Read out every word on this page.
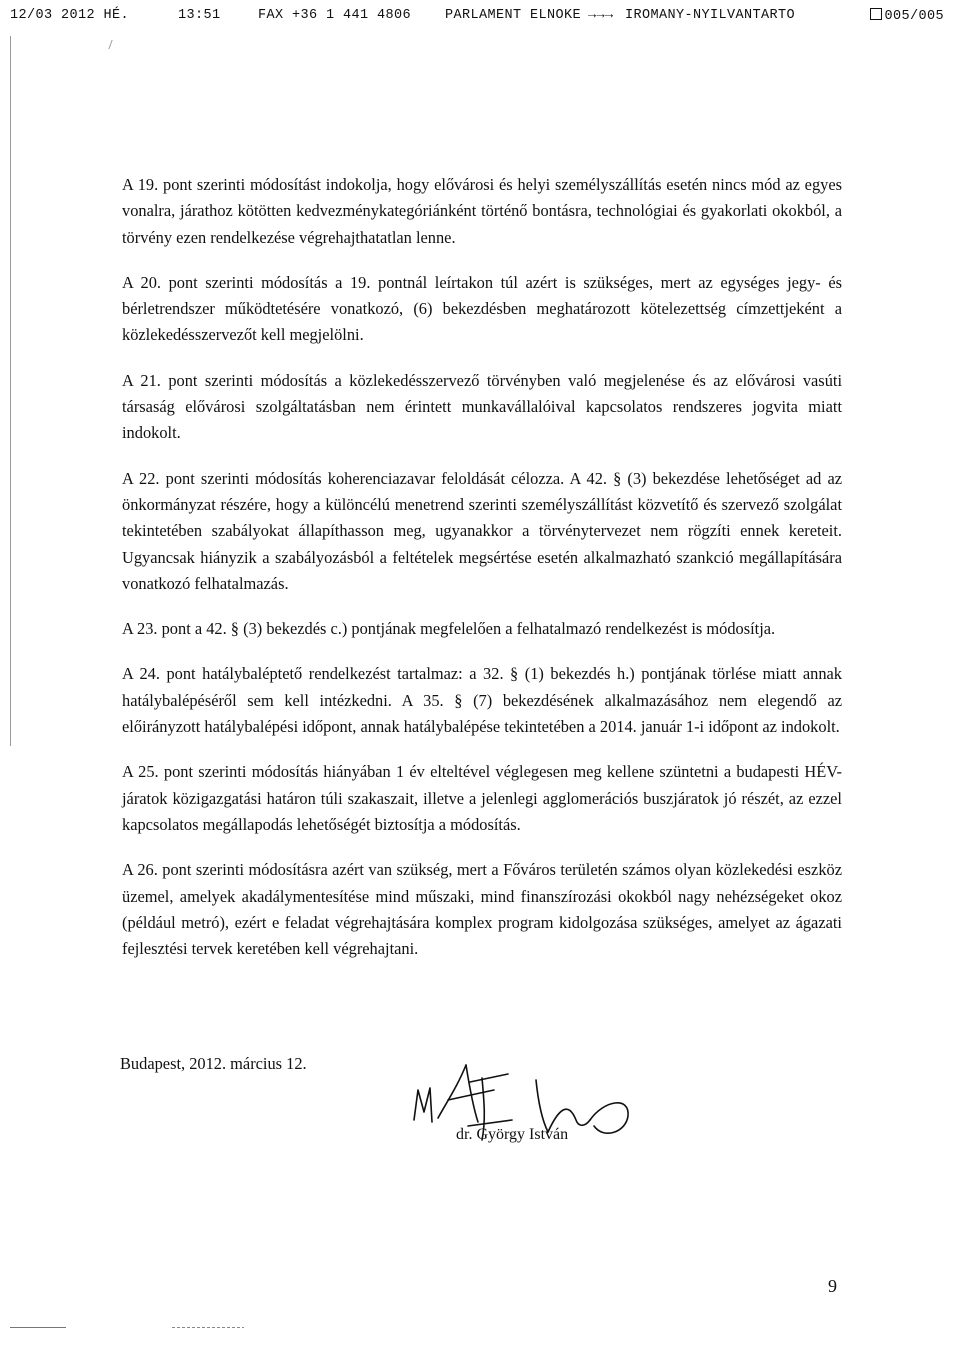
12/03 2012 HÉ.	13:51	FAX +36 1 441 4806	PARLAMENT ELNOKE →→→ IROMANY-NYILVANTARTO	005/005

A 19. pont szerinti módosítást indokolja, hogy elővárosi és helyi személyszállítás esetén nincs mód az egyes vonalra, járathoz kötötten kedvezménykategóriánként történő bontásra, technológiai és gyakorlati okokból, a törvény ezen rendelkezése végrehajthatatlan lenne.

A 20. pont szerinti módosítás a 19. pontnál leírtakon túl azért is szükséges, mert az egységes jegy- és bérletrendszer működtetésére vonatkozó, (6) bekezdésben meghatározott kötelezettség címzettjeként a közlekedésszervezőt kell megjelölni.

A 21. pont szerinti módosítás a közlekedésszervező törvényben való megjelenése és az elővárosi vasúti társaság elővárosi szolgáltatásban nem érintett munkavállalóival kapcsolatos rendszeres jogvita miatt indokolt.

A 22. pont szerinti módosítás koherenciazavar feloldását célozza. A 42. § (3) bekezdése lehetőséget ad az önkormányzat részére, hogy a különcélú menetrend szerinti személyszállítást közvetítő és szervező szolgálat tekintetében szabályokat állapíthasson meg, ugyanakkor a törvénytervezet nem rögzíti ennek kereteit. Ugyancsak hiányzik a szabályozásból a feltételek megsértése esetén alkalmazható szankció megállapítására vonatkozó felhatalmazás.

A 23. pont a 42. § (3) bekezdés c.) pontjának megfelelően a felhatalmazó rendelkezést is módosítja.

A 24. pont hatálybaléptető rendelkezést tartalmaz: a 32. § (1) bekezdés h.) pontjának törlése miatt annak hatálybalépéséről sem kell intézkedni. A 35. § (7) bekezdésének alkalmazásához nem elegendő az előirányzott hatálybalépési időpont, annak hatálybalépése tekintetében a 2014. január 1-i időpont az indokolt.

A 25. pont szerinti módosítás hiányában 1 év elteltével véglegesen meg kellene szüntetni a budapesti HÉV-járatok közigazgatási határon túli szakaszait, illetve a jelenlegi agglomerációs buszjáratok jó részét, az ezzel kapcsolatos megállapodás lehetőségét biztosítja a módosítás.

A 26. pont szerinti módosításra azért van szükség, mert a Főváros területén számos olyan közlekedési eszköz üzemel, amelyek akadálymentesítése mind műszaki, mind finanszírozási okokból nagy nehézségeket okoz (például metró), ezért e feladat végrehajtására komplex program kidolgozása szükséges, amelyet az ágazati fejlesztési tervek keretében kell végrehajtani.

Budapest, 2012. március 12.
dr. György István
9
